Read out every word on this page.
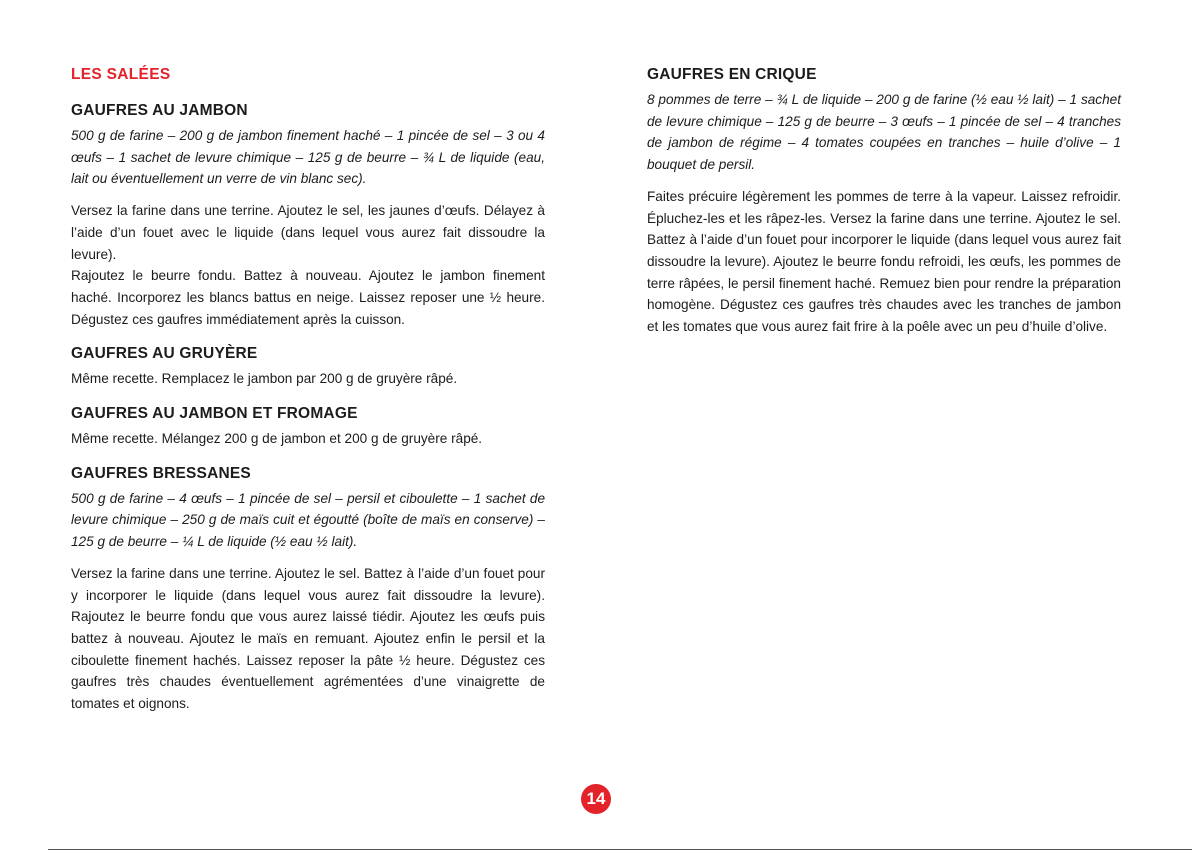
LES SALÉES
GAUFRES AU JAMBON

500 g de farine – 200 g de jambon finement haché – 1 pincée de sel – 3 ou 4 œufs – 1 sachet de levure chimique – 125 g de beurre – ¾ L de liquide (eau, lait ou éventuellement un verre de vin blanc sec).

Versez la farine dans une terrine. Ajoutez le sel, les jaunes d’œufs. Délayez à l’aide d’un fouet avec le liquide (dans lequel vous aurez fait dissoudre la levure).

Rajoutez le beurre fondu. Battez à nouveau. Ajoutez le jambon finement haché. Incorporez les blancs battus en neige. Laissez reposer une ½ heure. Dégustez ces gaufres immédiatement après la cuisson.

GAUFRES AU GRUYÈRE

Même recette. Remplacez le jambon par 200 g de gruyère râpé.

GAUFRES AU JAMBON ET FROMAGE

Même recette. Mélangez 200 g de jambon et 200 g de gruyère râpé.

GAUFRES BRESSANES

500 g de farine – 4 œufs – 1 pincée de sel – persil et ciboulette – 1 sachet de levure chimique – 250 g de maïs cuit et égoutté (boîte de maïs en conserve) – 125 g de beurre – ¼ L de liquide (½ eau ½ lait).

Versez la farine dans une terrine. Ajoutez le sel. Battez à l’aide d’un fouet pour y incorporer le liquide (dans lequel vous aurez fait dissoudre la levure). Rajoutez le beurre fondu que vous aurez laissé tiédir. Ajoutez les œufs puis battez à nouveau. Ajoutez le maïs en remuant. Ajoutez enfin le persil et la ciboulette finement hachés. Laissez reposer la pâte ½ heure. Dégustez ces gaufres très chaudes éventuellement agrémentées d’une vinaigrette de tomates et oignons.

GAUFRES EN CRIQUE

8 pommes de terre – ¾ L de liquide – 200 g de farine (½ eau ½ lait) – 1 sachet de levure chimique – 125 g de beurre – 3 œufs – 1 pincée de sel – 4 tranches de jambon de régime – 4 tomates coupées en tranches – huile d’olive – 1 bouquet de persil.

Faites précuire légèrement les pommes de terre à la vapeur. Laissez refroidir. Épluchez-les et les râpez-les. Versez la farine dans une terrine. Ajoutez le sel. Battez à l’aide d’un fouet pour incorporer le liquide (dans lequel vous aurez fait dissoudre la levure). Ajoutez le beurre fondu refroidi, les œufs, les pommes de terre râpées, le persil finement haché. Remuez bien pour rendre la préparation homogène. Dégustez ces gaufres très chaudes avec les tranches de jambon et les tomates que vous aurez fait frire à la poêle avec un peu d’huile d’olive.

14
